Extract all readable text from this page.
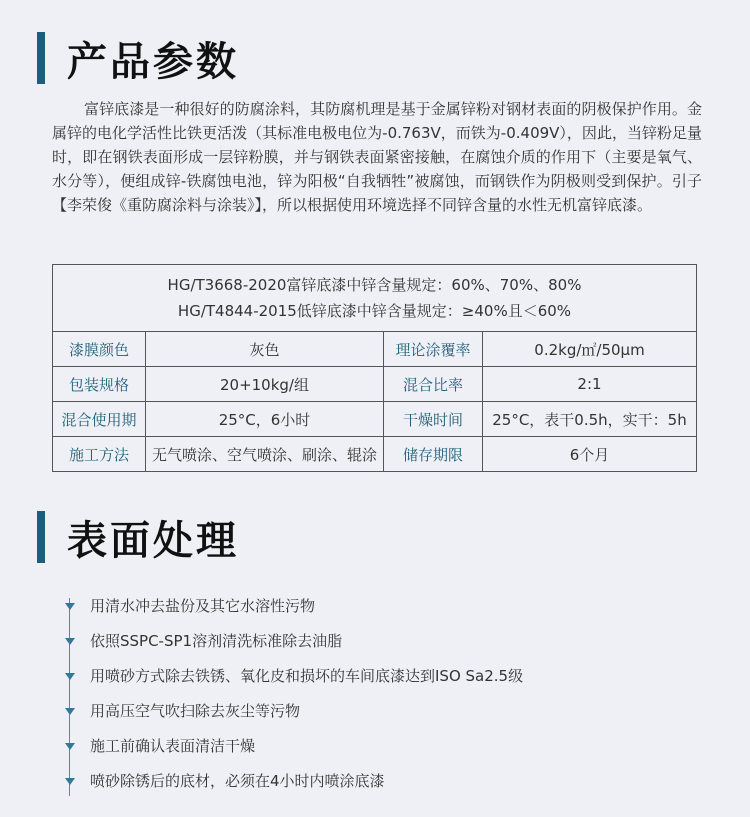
产品参数
富锌底漆是一种很好的防腐涂料，其防腐机理是基于金属锌粉对钢材表面的阴极保护作用。金属锌的电化学活性比铁更活泼（其标准电极电位为-0.763V，而铁为-0.409V），因此，当锌粉足量时，即在钢铁表面形成一层锌粉膜，并与钢铁表面紧密接触，在腐蚀介质的作用下（主要是氧气、水分等），便组成锌-铁腐蚀电池，锌为阳极“自我牺牲”被腐蚀，而钢铁作为阴极则受到保护。引子【李荣俊《重防腐涂料与涂装》】，所以根据使用环境选择不同锌含量的水性无机富锌底漆。
HG/T3668-2020富锌底漆中锌含量规定：60%、70%、80%
HG/T4844-2015低锌底漆中锌含量规定：≥40%且＜60%			

漆膜颜色	灰色	理论涂覆率	0.2kg/㎡/50μm
包装规格	20+10kg/组	混合比率	2:1
混合使用期	25°C，6小时	干燥时间	25°C，表干0.5h，实干：5h
施工方法	无气喷涂、空气喷涂、刷涂、辊涂	储存期限	6个月
表面处理
用清水冲去盐份及其它水溶性污物
依照SSPC-SP1溶剂清洗标准除去油脂
用喷砂方式除去铁锈、氧化皮和损坏的车间底漆达到ISO Sa2.5级
用高压空气吹扫除去灰尘等污物
施工前确认表面清洁干燥
喷砂除锈后的底材，必须在4小时内喷涂底漆
